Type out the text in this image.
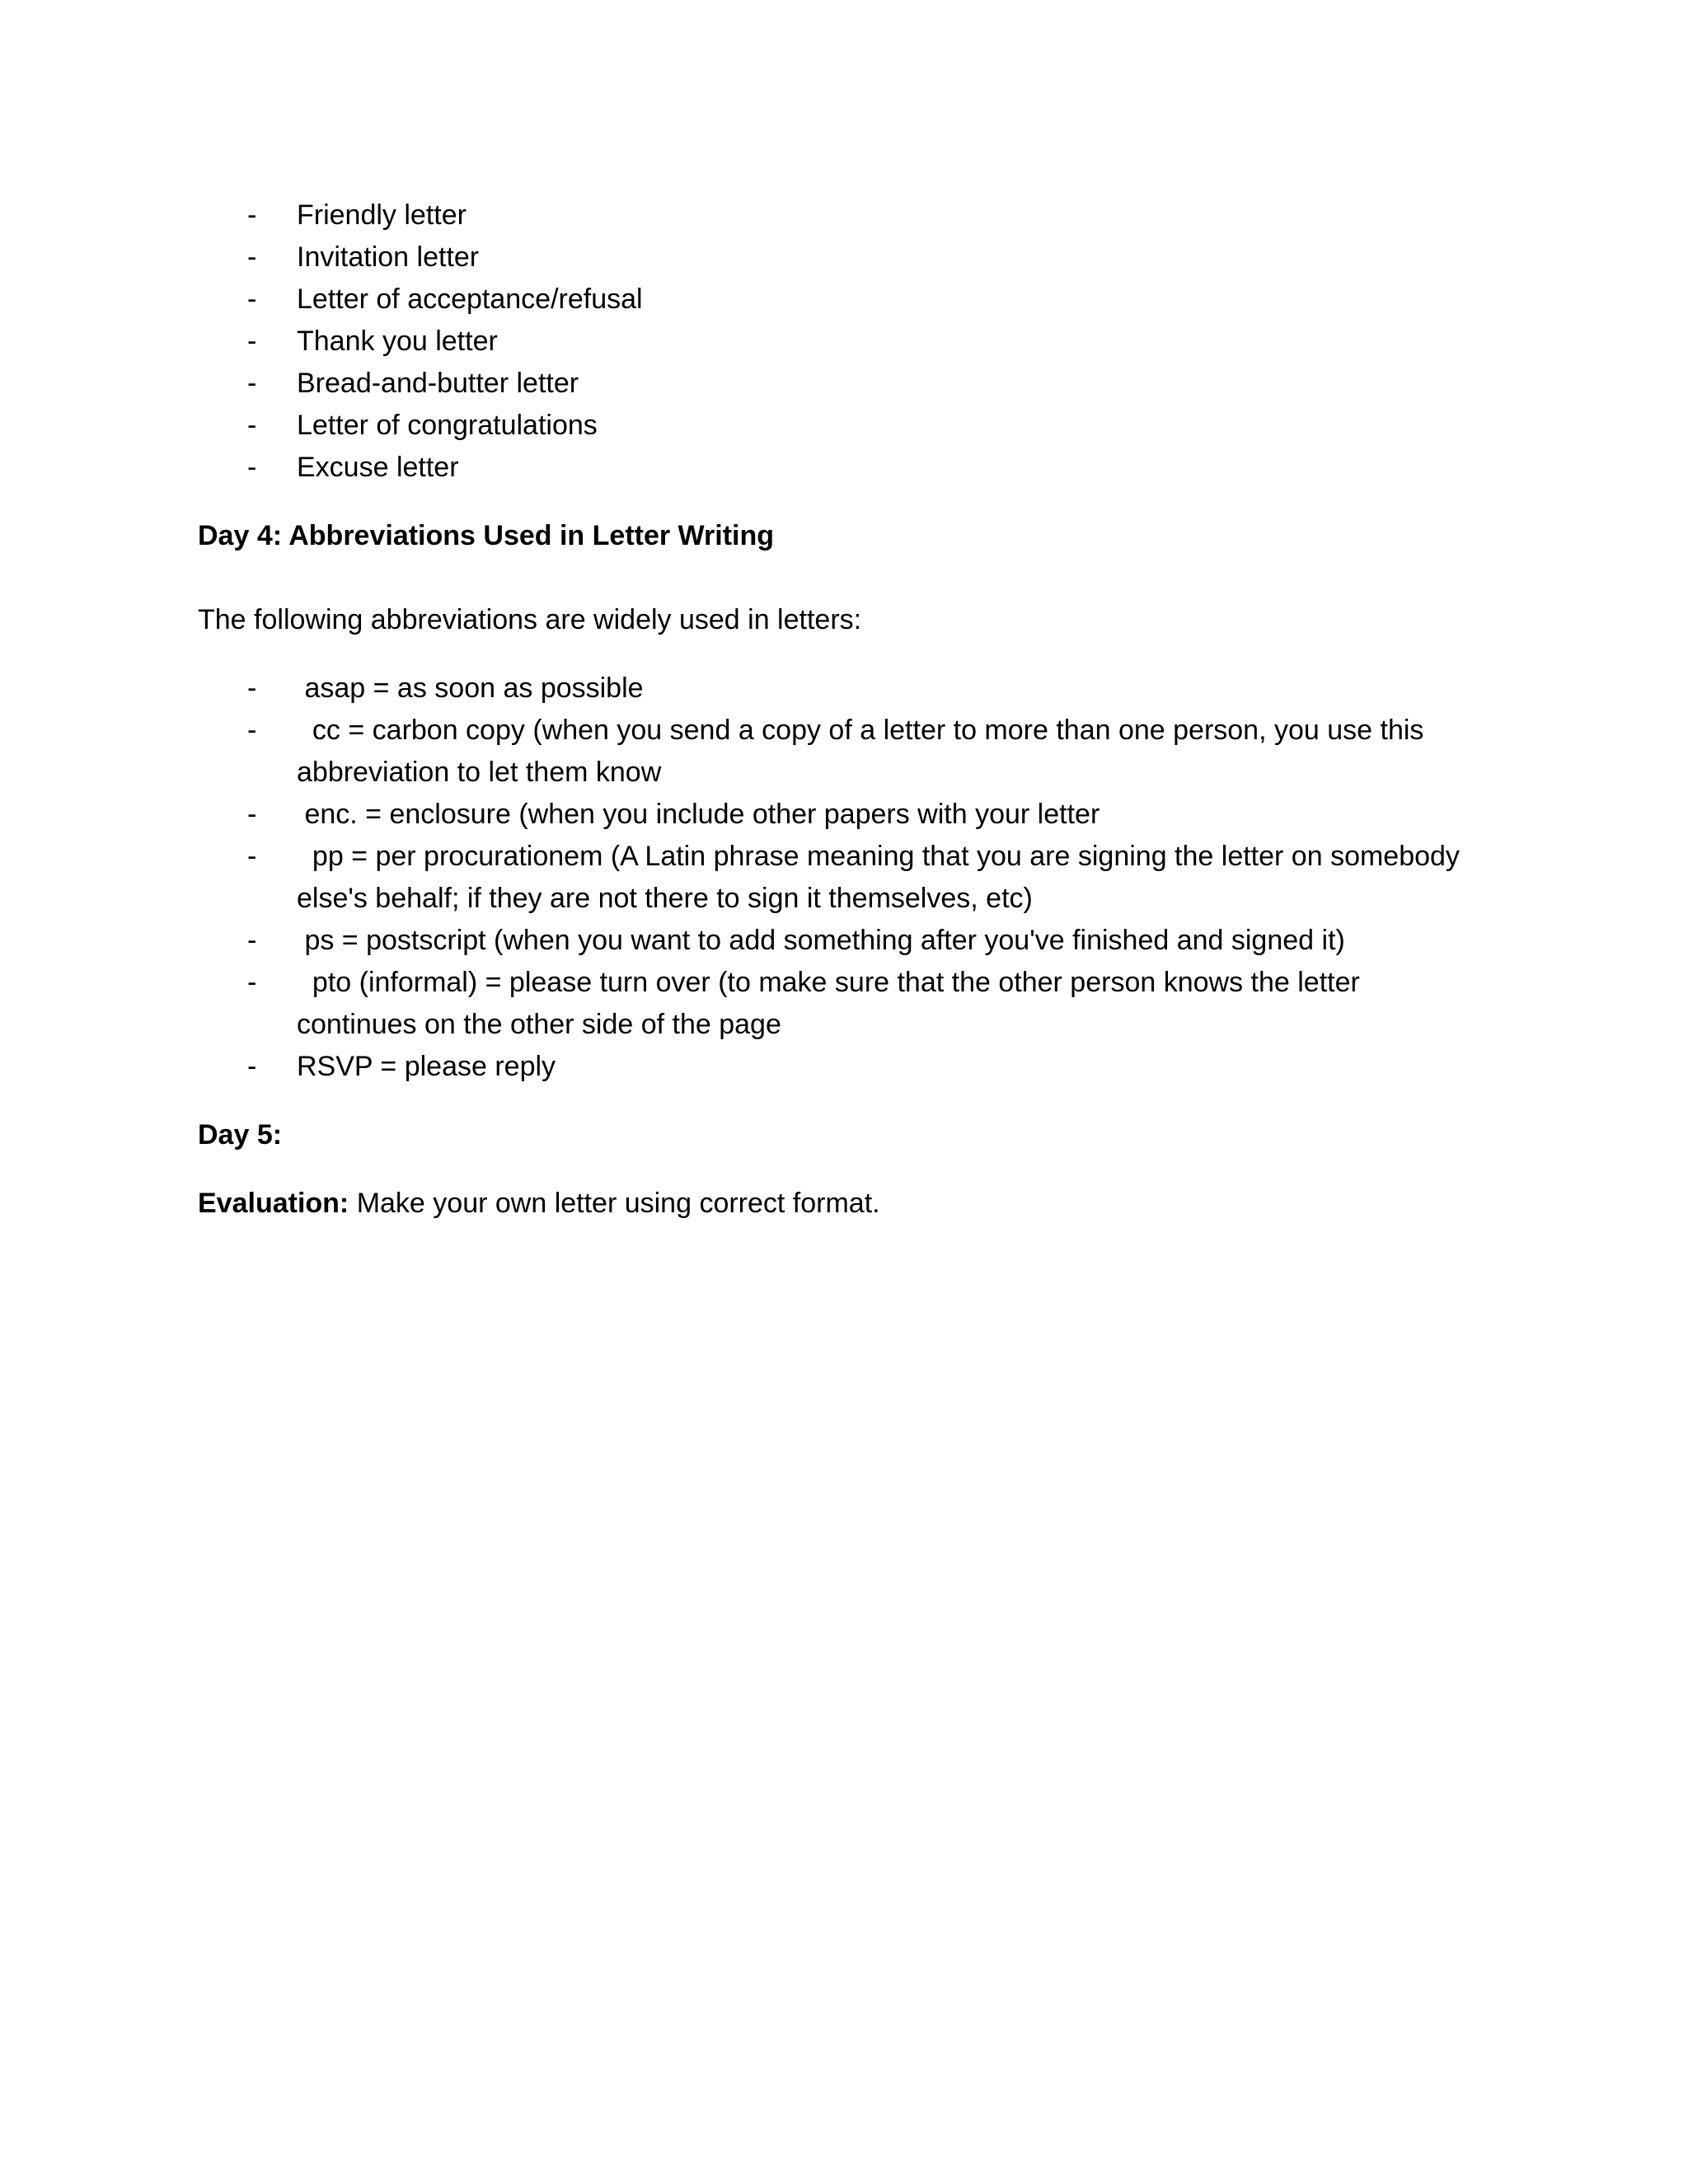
- Friendly letter
- Invitation letter
- Letter of acceptance/refusal
- Thank you letter
- Bread-and-butter letter
- Letter of congratulations
- Excuse letter
Day 4: Abbreviations Used in Letter Writing
The following abbreviations are widely used in letters:
- asap = as soon as possible
- cc = carbon copy (when you send a copy of a letter to more than one person, you use this abbreviation to let them know
- enc. = enclosure (when you include other papers with your letter
- pp = per procurationem (A Latin phrase meaning that you are signing the letter on somebody else's behalf; if they are not there to sign it themselves, etc)
- ps = postscript (when you want to add something after you've finished and signed it)
- pto (informal) = please turn over (to make sure that the other person knows the letter continues on the other side of the page
- RSVP = please reply
Day 5:
Evaluation: Make your own letter using correct format.
